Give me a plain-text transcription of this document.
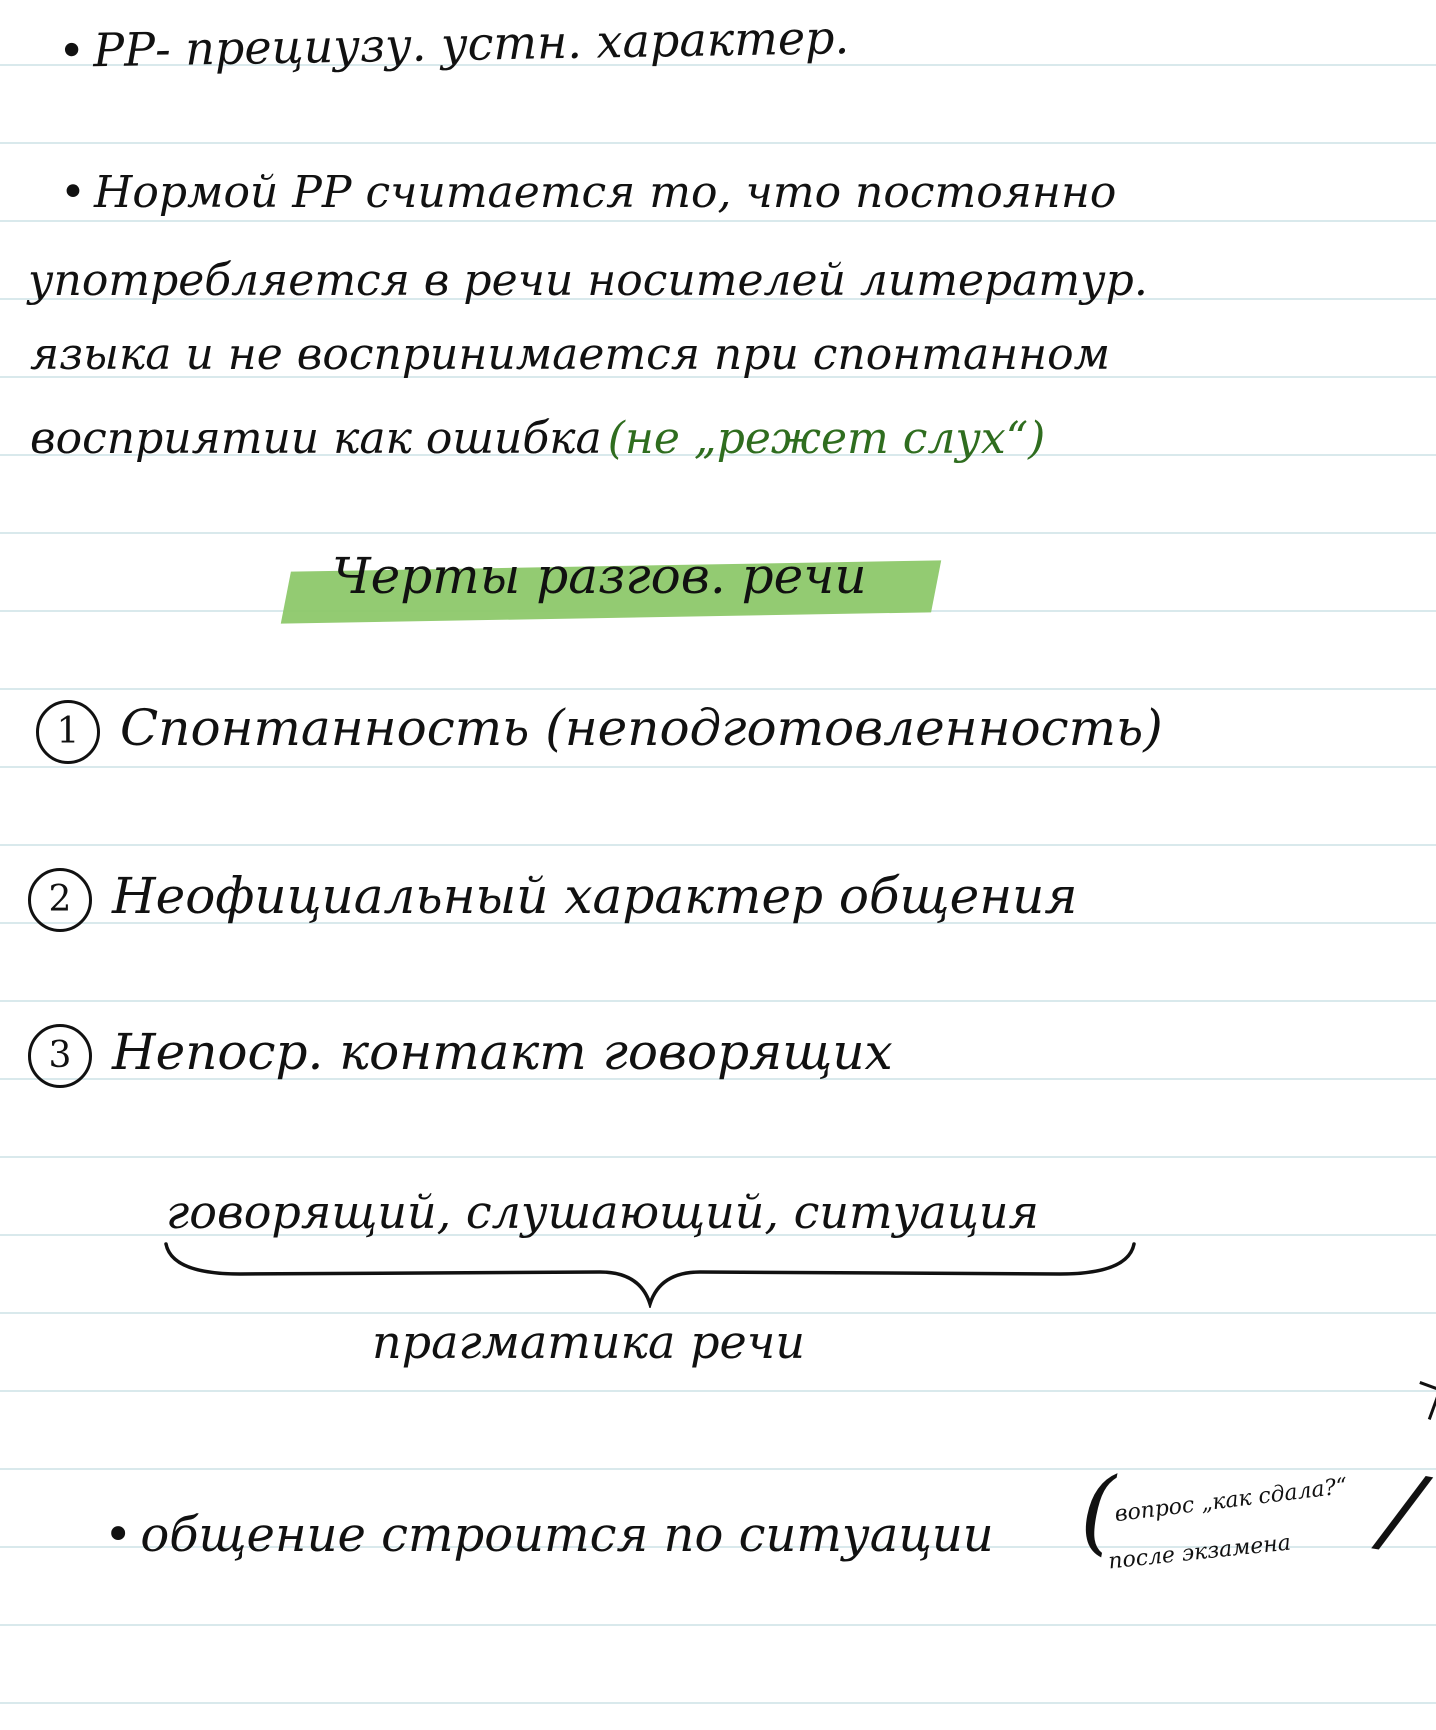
• РР- прециузу. устн. характер.
• Нормой РР считается то, что постоянно
употребляется в речи носителей литератур.
языка и не воспринимается при спонтанном
восприятии как ошибка (не „режет слух“)
Черты разгов. речи
1 Спонтанность (неподготовленность)
2 Неофициальный характер общения
3 Непоср. контакт говорящих
говорящий, слушающий, ситуация
прагматика речи
• общение строится по ситуации (
вопрос „как сдала?“
после экзамена /
